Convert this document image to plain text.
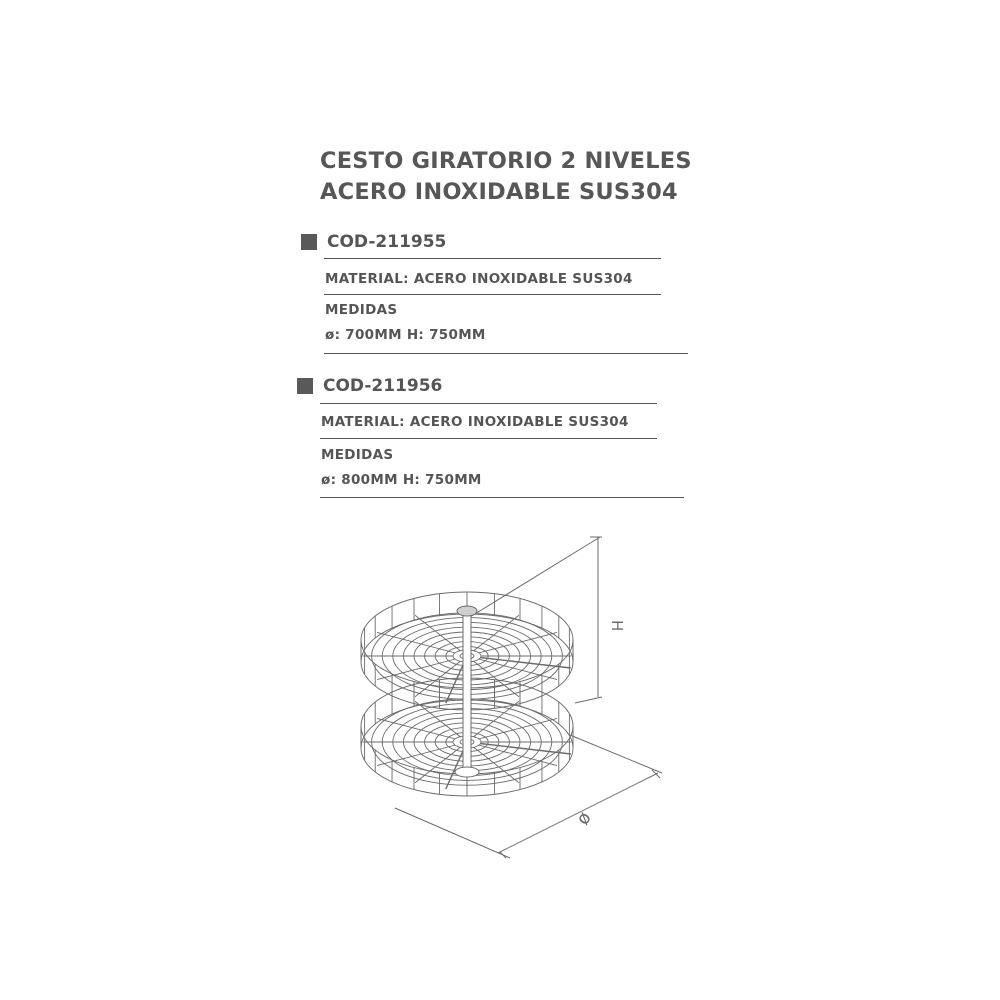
CESTO GIRATORIO 2 NIVELES
ACERO INOXIDABLE SUS304
COD-211955
MATERIAL: ACERO INOXIDABLE SUS304
MEDIDAS
ø: 700MM H: 750MM
COD-211956
MATERIAL: ACERO INOXIDABLE SUS304
MEDIDAS
ø: 800MM H: 750MM
H
ø
